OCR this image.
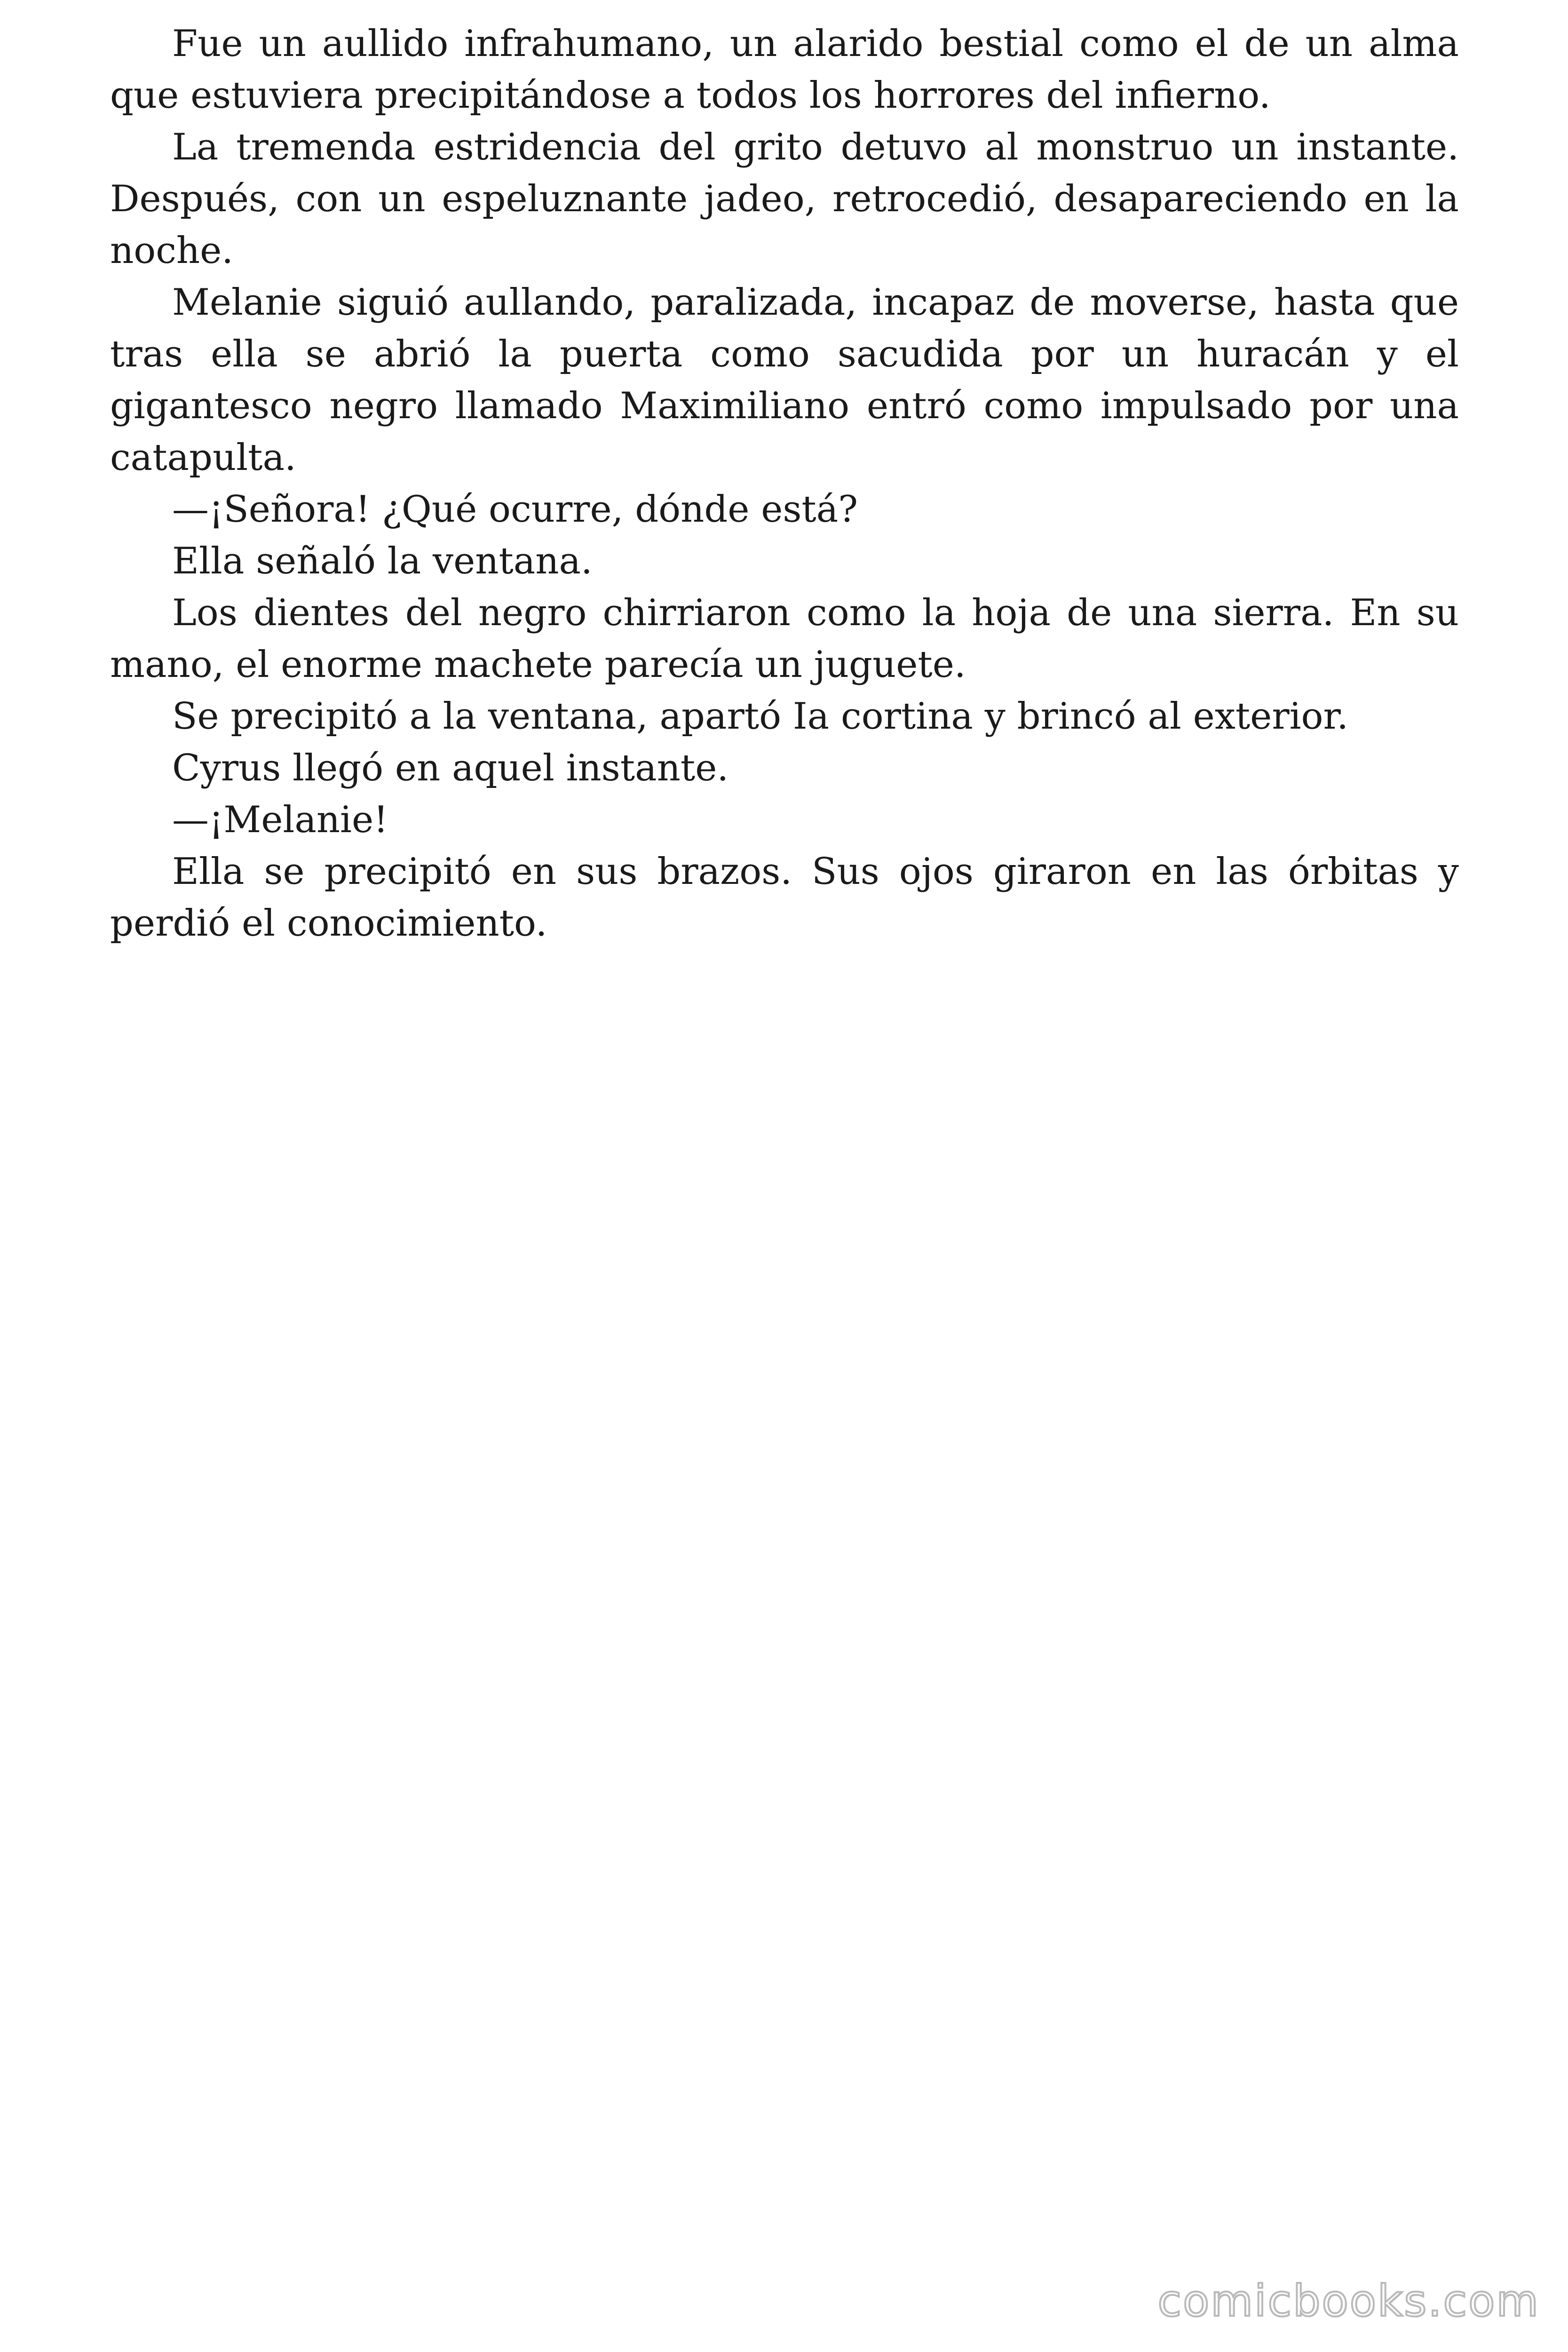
Fue un aullido infrahumano, un alarido bestial como el de un alma que estuviera precipitándose a todos los horrores del infierno.

La tremenda estridencia del grito detuvo al monstruo un instante. Después, con un espeluznante jadeo, retrocedió, desapareciendo en la noche.

Melanie siguió aullando, paralizada, incapaz de moverse, hasta que tras ella se abrió la puerta como sacudida por un huracán y el gigantesco negro llamado Maximiliano entró como impulsado por una catapulta.

—¡Señora! ¿Qué ocurre, dónde está?

Ella señaló la ventana.

Los dientes del negro chirriaron como la hoja de una sierra. En su mano, el enorme machete parecía un juguete.

Se precipitó a la ventana, apartó Ia cortina y brincó al exterior.

Cyrus llegó en aquel instante.

—¡Melanie!

Ella se precipitó en sus brazos. Sus ojos giraron en las órbitas y perdió el conocimiento.

comicbooks.com
